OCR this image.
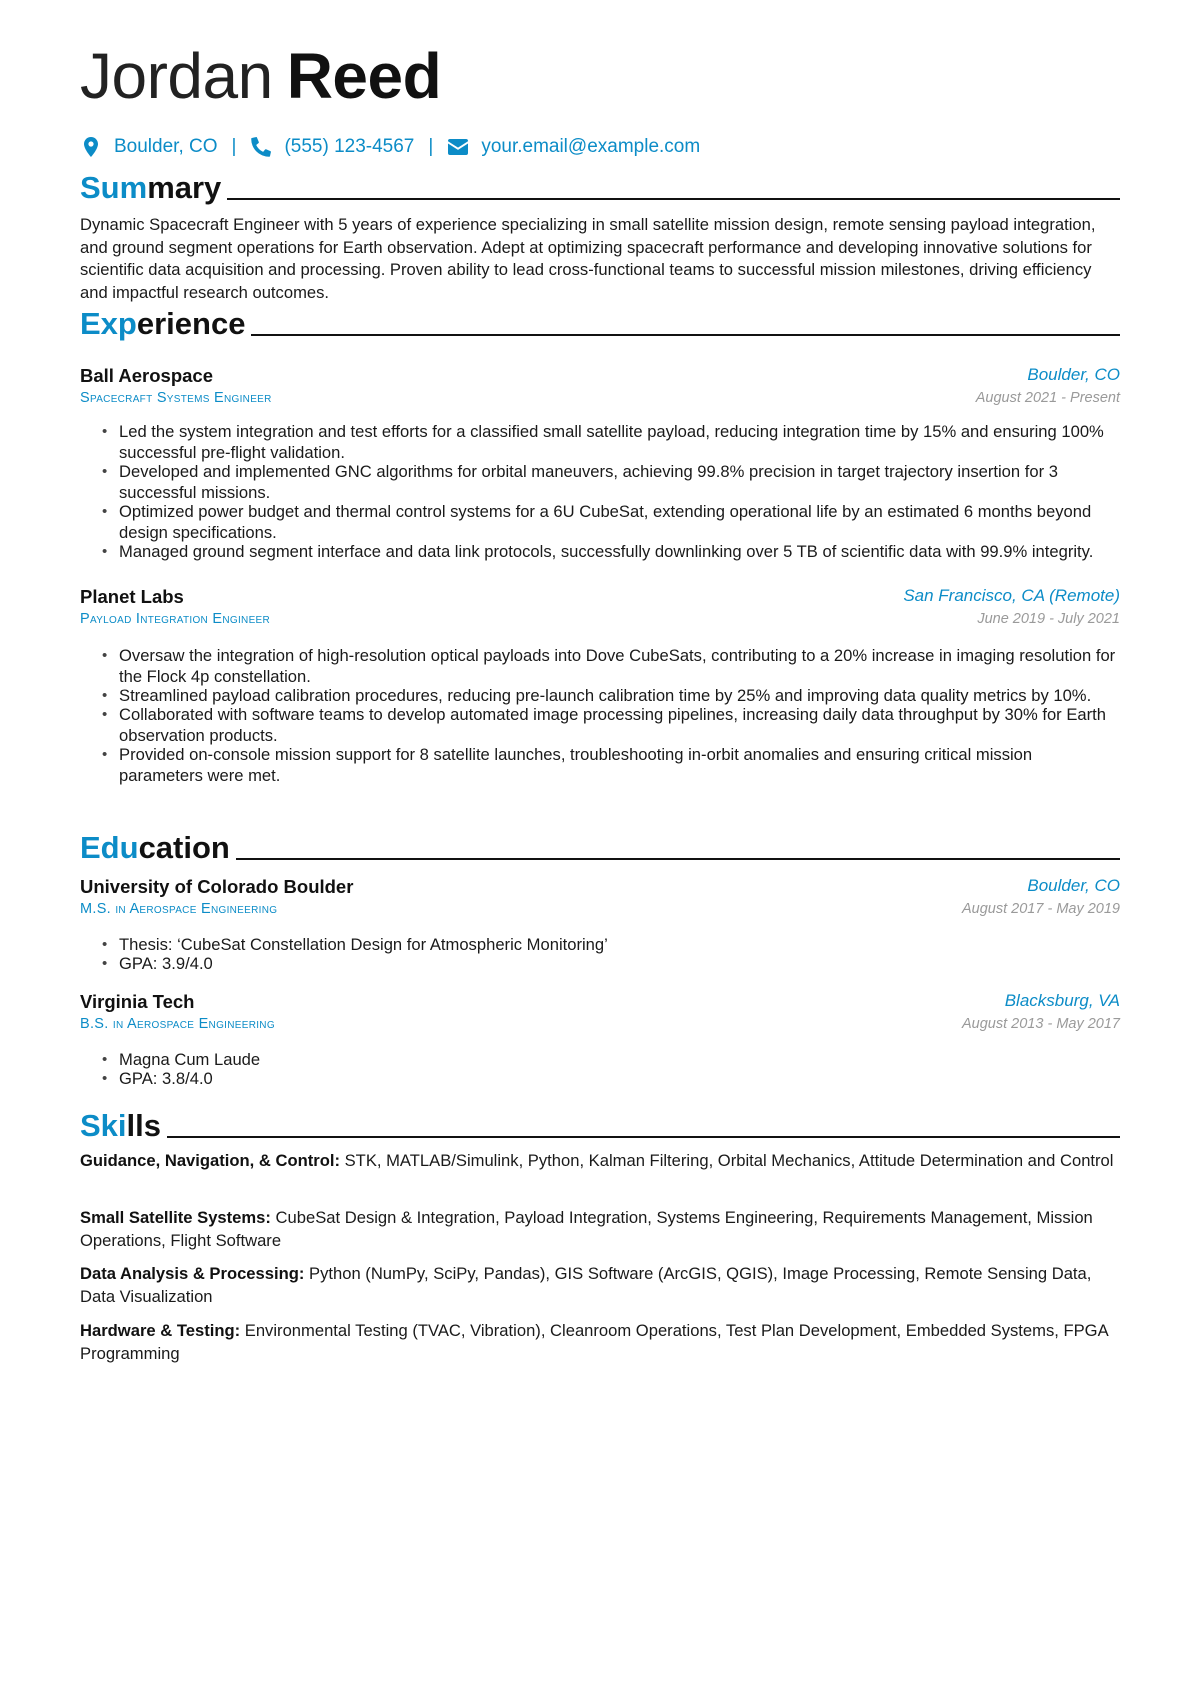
Jordan Reed
Boulder, CO |	(555) 123-4567 |	your.email@example.com
Summary
Dynamic Spacecraft Engineer with 5 years of experience specializing in small satellite mission design, remote sensing payload integration, and ground segment operations for Earth observation. Adept at optimizing spacecraft performance and developing innovative solutions for scientific data acquisition and processing. Proven ability to lead cross-functional teams to successful mission milestones, driving efficiency and impactful research outcomes.
Experience
Ball Aerospace	Boulder, CO
Spacecraft Systems Engineer	August 2021 - Present
• Led the system integration and test efforts for a classified small satellite payload, reducing integration time by 15% and ensuring 100% successful pre-flight validation.
• Developed and implemented GNC algorithms for orbital maneuvers, achieving 99.8% precision in target trajectory insertion for 3 successful missions.
• Optimized power budget and thermal control systems for a 6U CubeSat, extending operational life by an estimated 6 months beyond design specifications.
• Managed ground segment interface and data link protocols, successfully downlinking over 5 TB of scientific data with 99.9% integrity.
Planet Labs	San Francisco, CA (Remote)
Payload Integration Engineer	June 2019 - July 2021
• Oversaw the integration of high-resolution optical payloads into Dove CubeSats, contributing to a 20% increase in imaging resolution for the Flock 4p constellation.
• Streamlined payload calibration procedures, reducing pre-launch calibration time by 25% and improving data quality metrics by 10%.
• Collaborated with software teams to develop automated image processing pipelines, increasing daily data throughput by 30% for Earth observation products.
• Provided on-console mission support for 8 satellite launches, troubleshooting in-orbit anomalies and ensuring critical mission parameters were met.
Education
University of Colorado Boulder	Boulder, CO
M.S. in Aerospace Engineering	August 2017 - May 2019
• Thesis: ‘CubeSat Constellation Design for Atmospheric Monitoring’
• GPA: 3.9/4.0
Virginia Tech	Blacksburg, VA
B.S. in Aerospace Engineering	August 2013 - May 2017
• Magna Cum Laude
• GPA: 3.8/4.0
Skills
Guidance, Navigation, & Control: STK, MATLAB/Simulink, Python, Kalman Filtering, Orbital Mechanics, Attitude Determination and Control
Small Satellite Systems: CubeSat Design & Integration, Payload Integration, Systems Engineering, Requirements Management, Mission Operations, Flight Software
Data Analysis & Processing: Python (NumPy, SciPy, Pandas), GIS Software (ArcGIS, QGIS), Image Processing, Remote Sensing Data, Data Visualization
Hardware & Testing: Environmental Testing (TVAC, Vibration), Cleanroom Operations, Test Plan Development, Embedded Systems, FPGA Programming
